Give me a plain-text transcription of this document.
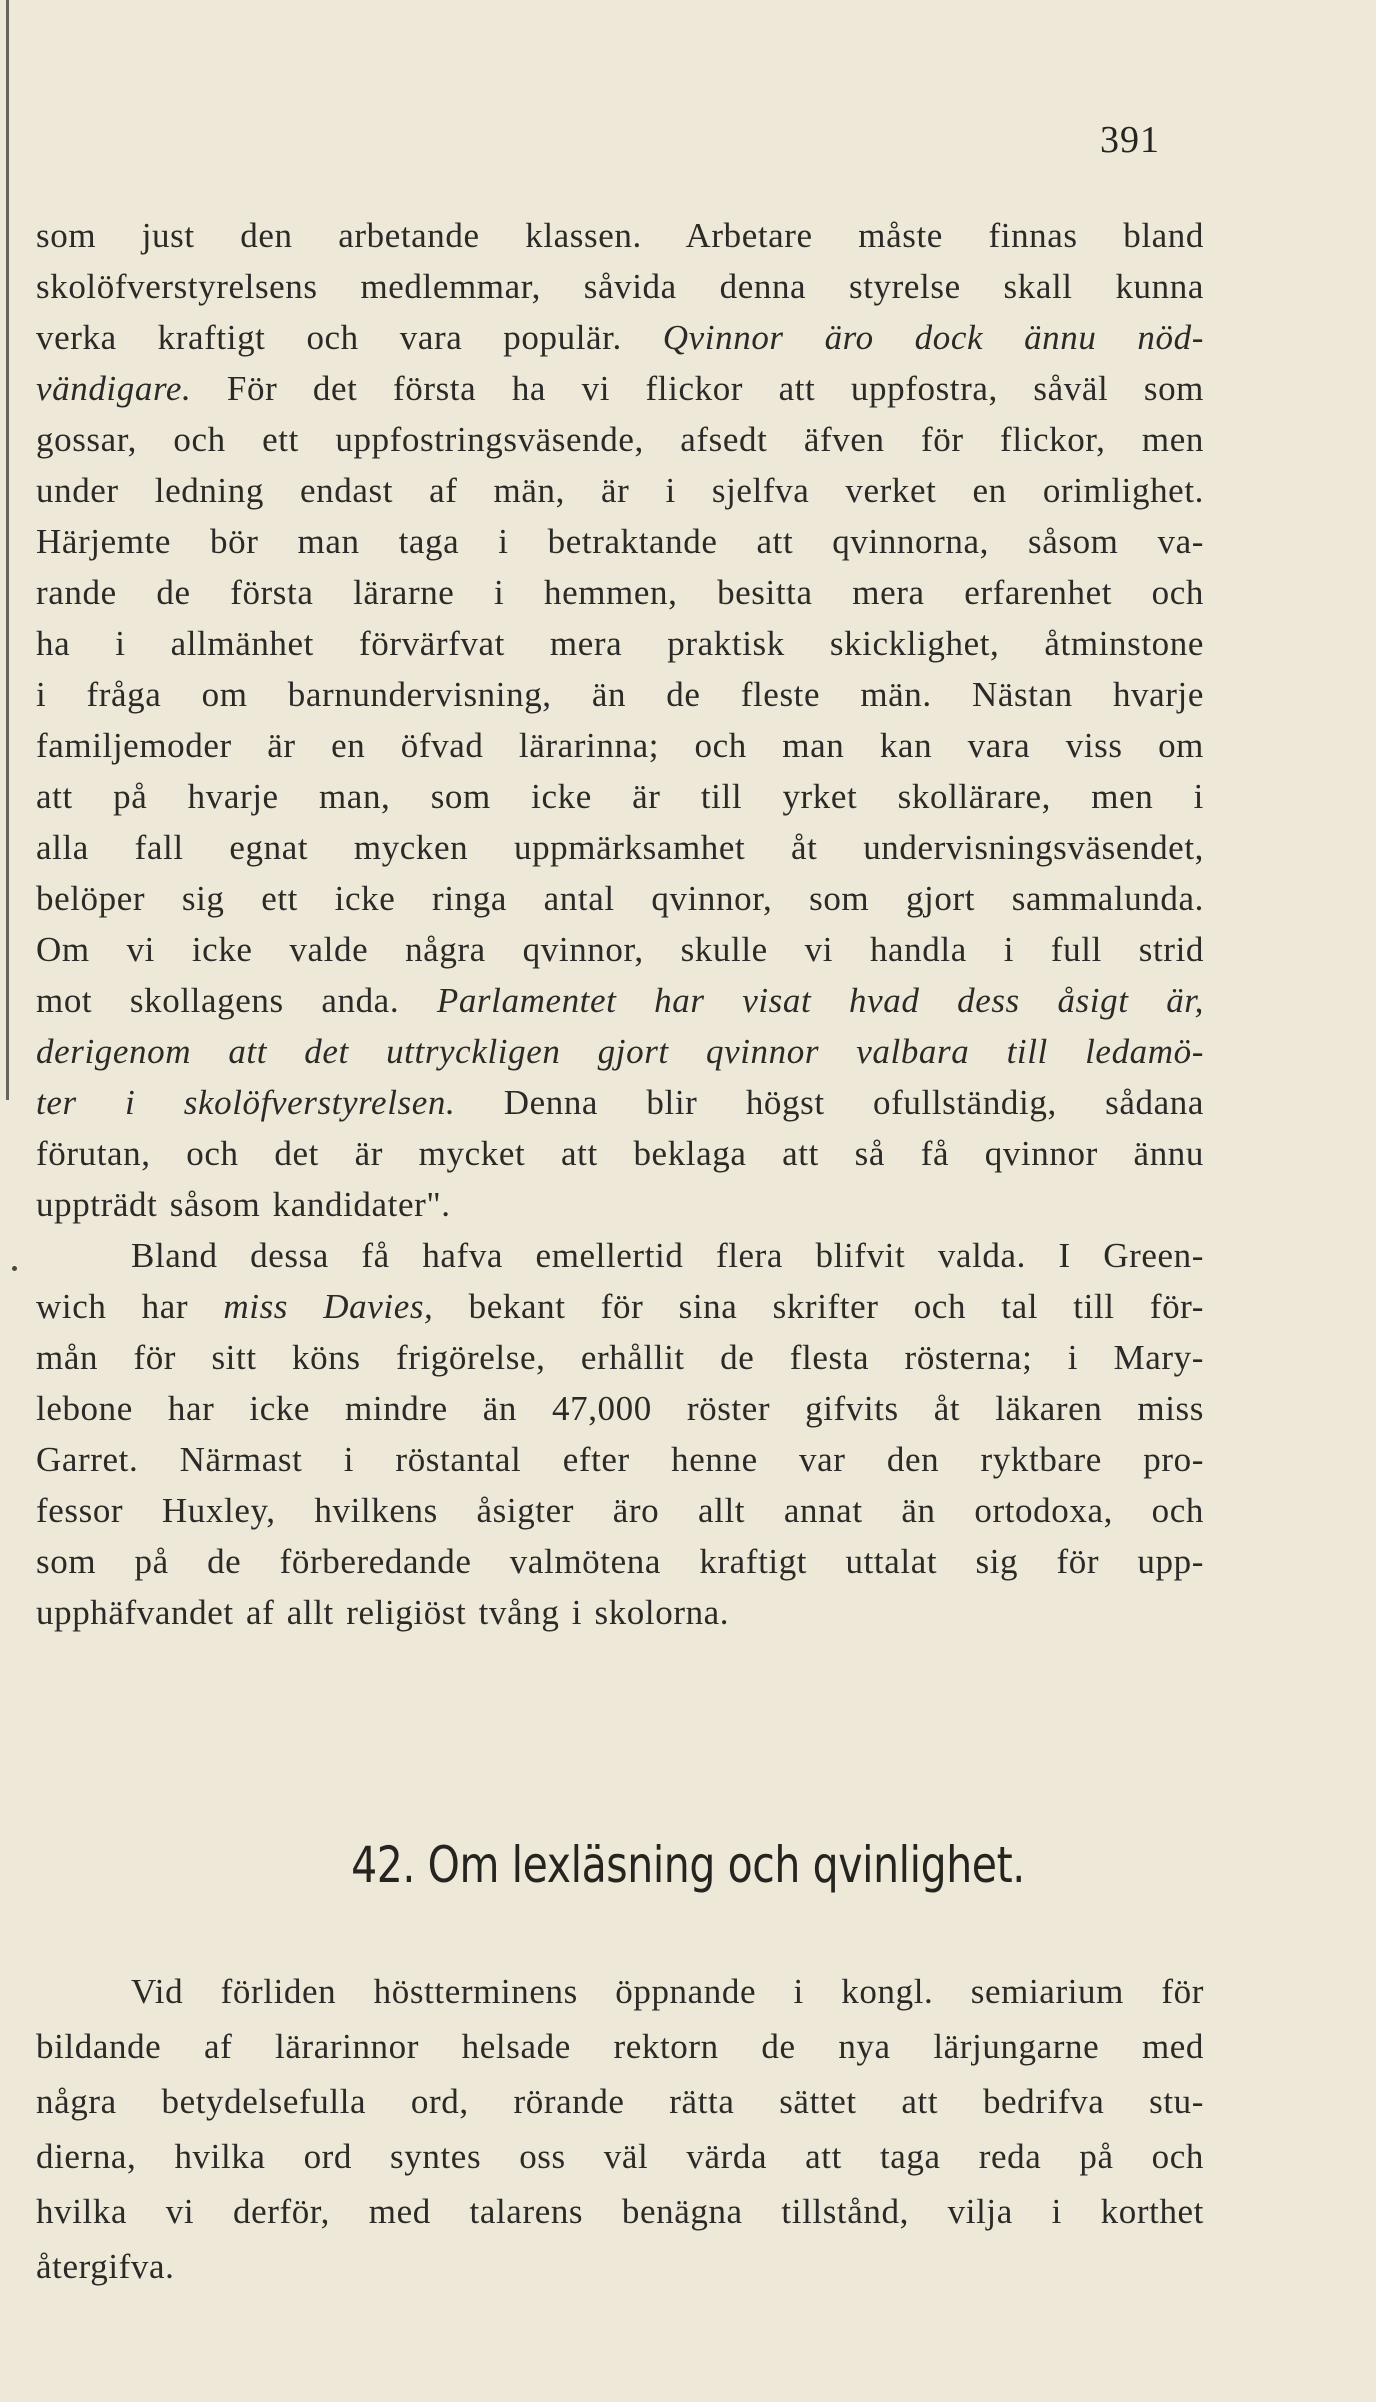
391
som just den arbetande klassen. Arbetare måste finnas bland
skolöfverstyrelsens medlemmar, såvida denna styrelse skall kunna
verka kraftigt och vara populär. Qvinnor äro dock ännu nöd-
vändigare. För det första ha vi flickor att uppfostra, såväl som
gossar, och ett uppfostringsväsende, afsedt äfven för flickor, men
under ledning endast af män, är i sjelfva verket en orimlighet.
Härjemte bör man taga i betraktande att qvinnorna, såsom va-
rande de första lärarne i hemmen, besitta mera erfarenhet och
ha i allmänhet förvärfvat mera praktisk skicklighet, åtminstone
i fråga om barnundervisning, än de fleste män. Nästan hvarje
familjemoder är en öfvad lärarinna; och man kan vara viss om
att på hvarje man, som icke är till yrket skollärare, men i
alla fall egnat mycken uppmärksamhet åt undervisningsväsendet,
belöper sig ett icke ringa antal qvinnor, som gjort sammalunda.
Om vi icke valde några qvinnor, skulle vi handla i full strid
mot skollagens anda. Parlamentet har visat hvad dess åsigt är,
derigenom att det uttryckligen gjort qvinnor valbara till ledamö-
ter i skolöfverstyrelsen. Denna blir högst ofullständig, sådana
förutan, och det är mycket att beklaga att så få qvinnor ännu
uppträdt såsom kandidater".
Bland dessa få hafva emellertid flera blifvit valda. I Green-
wich har miss Davies, bekant för sina skrifter och tal till för-
mån för sitt köns frigörelse, erhållit de flesta rösterna; i Mary-
lebone har icke mindre än 47,000 röster gifvits åt läkaren miss
Garret. Närmast i röstantal efter henne var den ryktbare pro-
fessor Huxley, hvilkens åsigter äro allt annat än ortodoxa, och
som på de förberedande valmötena kraftigt uttalat sig för upp-
upphäfvandet af allt religiöst tvång i skolorna.
42. Om lexläsning och qvinlighet.
Vid förliden höstterminens öppnande i kongl. semiarium för
bildande af lärarinnor helsade rektorn de nya lärjungarne med
några betydelsefulla ord, rörande rätta sättet att bedrifva stu-
dierna, hvilka ord syntes oss väl värda att taga reda på och
hvilka vi derför, med talarens benägna tillstånd, vilja i korthet
återgifva.
